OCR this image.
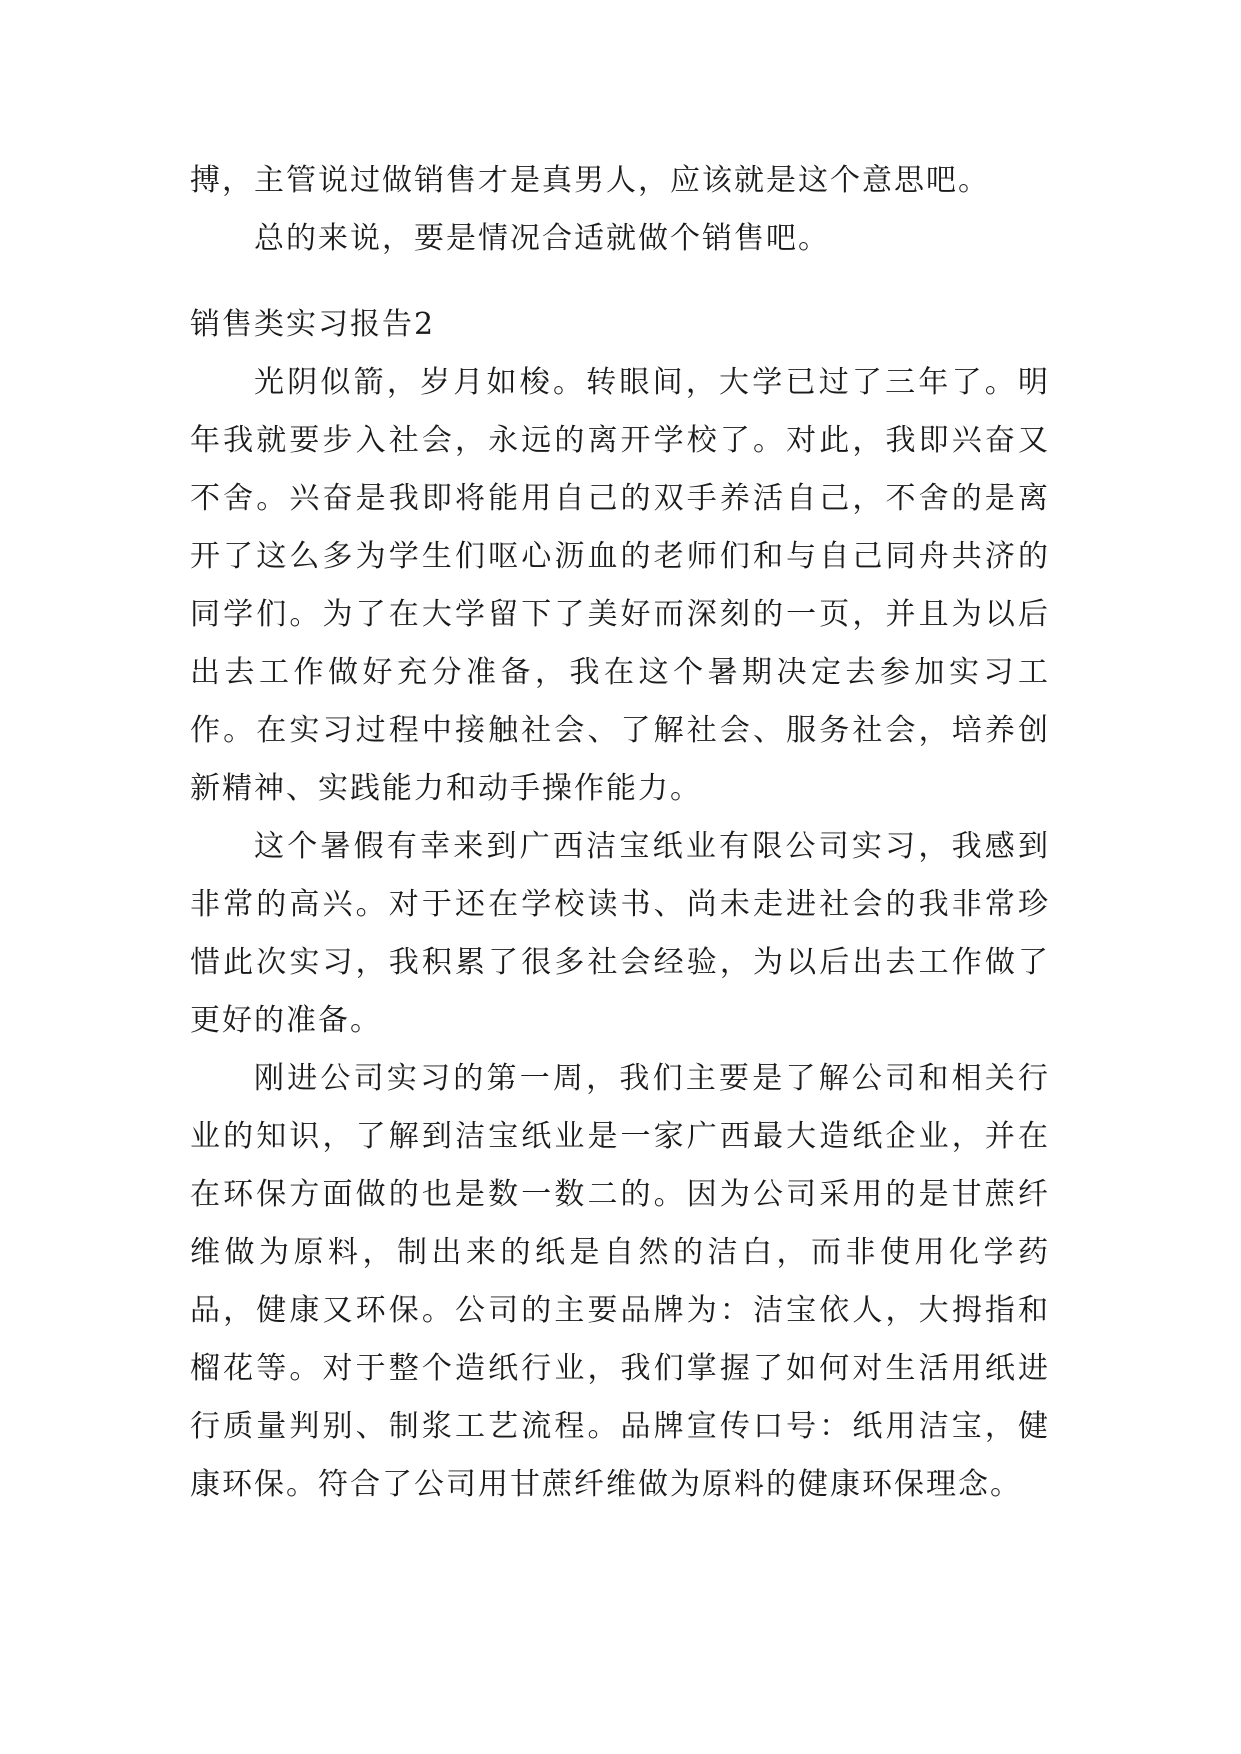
搏，主管说过做销售才是真男人，应该就是这个意思吧。

总的来说，要是情况合适就做个销售吧。

销售类实习报告2

光阴似箭，岁月如梭。转眼间，大学已过了三年了。明年我就要步入社会，永远的离开学校了。对此，我即兴奋又不舍。兴奋是我即将能用自己的双手养活自己，不舍的是离开了这么多为学生们呕心沥血的老师们和与自己同舟共济的同学们。为了在大学留下了美好而深刻的一页，并且为以后出去工作做好充分准备，我在这个暑期决定去参加实习工作。在实习过程中接触社会、了解社会、服务社会，培养创新精神、实践能力和动手操作能力。

这个暑假有幸来到广西洁宝纸业有限公司实习，我感到非常的高兴。对于还在学校读书、尚未走进社会的我非常珍惜此次实习，我积累了很多社会经验，为以后出去工作做了更好的准备。

刚进公司实习的第一周，我们主要是了解公司和相关行业的知识，了解到洁宝纸业是一家广西最大造纸企业，并在在环保方面做的也是数一数二的。因为公司采用的是甘蔗纤维做为原料，制出来的纸是自然的洁白，而非使用化学药品，健康又环保。公司的主要品牌为：洁宝依人，大拇指和榴花等。对于整个造纸行业，我们掌握了如何对生活用纸进行质量判别、制浆工艺流程。品牌宣传口号：纸用洁宝，健康环保。符合了公司用甘蔗纤维做为原料的健康环保理念。
